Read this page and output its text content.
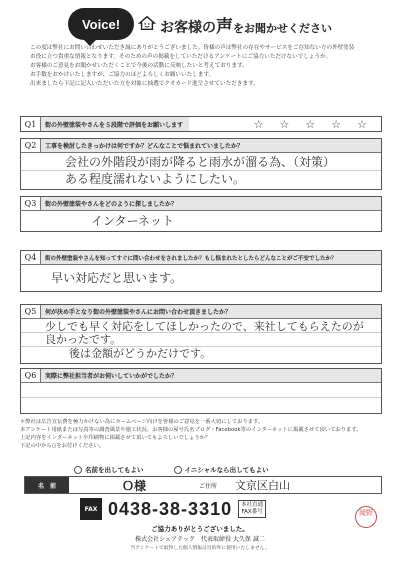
Voice!	お客様の声をお聞かせください
この度は弊社にお問い合わせいただき誠にありがとうございました。皆様の声は弊社の存在やサービスをご存知ない方の外壁塗装
お役に立つ貴重な情報となります。そのための声の掲載をしていただけるアンケートにご協力いただけないでしょうか。
お客様のご意見をお聞かせいただくことで今後の活動に反映したいと考えております。
お手数をおかけいたしますが、ご協力のほどよろしくお願いいたします。
出来ましたら下記に記入いただいた方を対象に抽選でクオカード進呈させていただきます。
Q1	街の外壁塗装やさんを５段階で評価をお願いします	☆ ☆ ☆ ☆ ☆
Q2	工事を検討したきっかけは何ですか？どんなことで悩まれていましたか？
会社の外階段が雨が降ると雨水が溜る為、（対策）
ある程度濡れないようにしたい。
Q3	街の外壁塗装やさんをどのように探しましたか？
インターネット
Q4	街の外壁塗装やさんを知ってすぐに問い合わせをされましたか？もし悩まれたとしたらどんなことがご不安でしたか？
早い対応だと思います。
Q5	何が決め手となり街の外壁塗装やさんにお問い合わせ頂きましたか？
少しでも早く対応をしてほしかったので、来社してもらえたのが
良かったです。
後は金額がどうかだけです。
Q6	実際に弊社担当者がお伺いしていかがでしたか？
＊弊社は広告宣伝費を極力かけない為にホームページ向けを皆様のご意見を一番大切にしております。
本アンケート用紙または写真等の調査風景や施工状況、お客様の屋号氏名ブログ・Facebook等のインターネットに掲載させて頂いております。
上記内容をインターネットや印刷物に掲載させて頂いてもよろしいでしょうか？
下記の中から○をお付けください。
名前を出してもよい	イニシャルなら出してもよい
名　前	Ｏ様	ご住所	文京区白山
FAX 0438-38-3310 本社直通
FAX番号	岡野
ご協力ありがとうございました。
株式会社シェアテック　代表取締役 大久保 誠二
当アンケートで取得した個人情報は目的外に使用いたしません。
